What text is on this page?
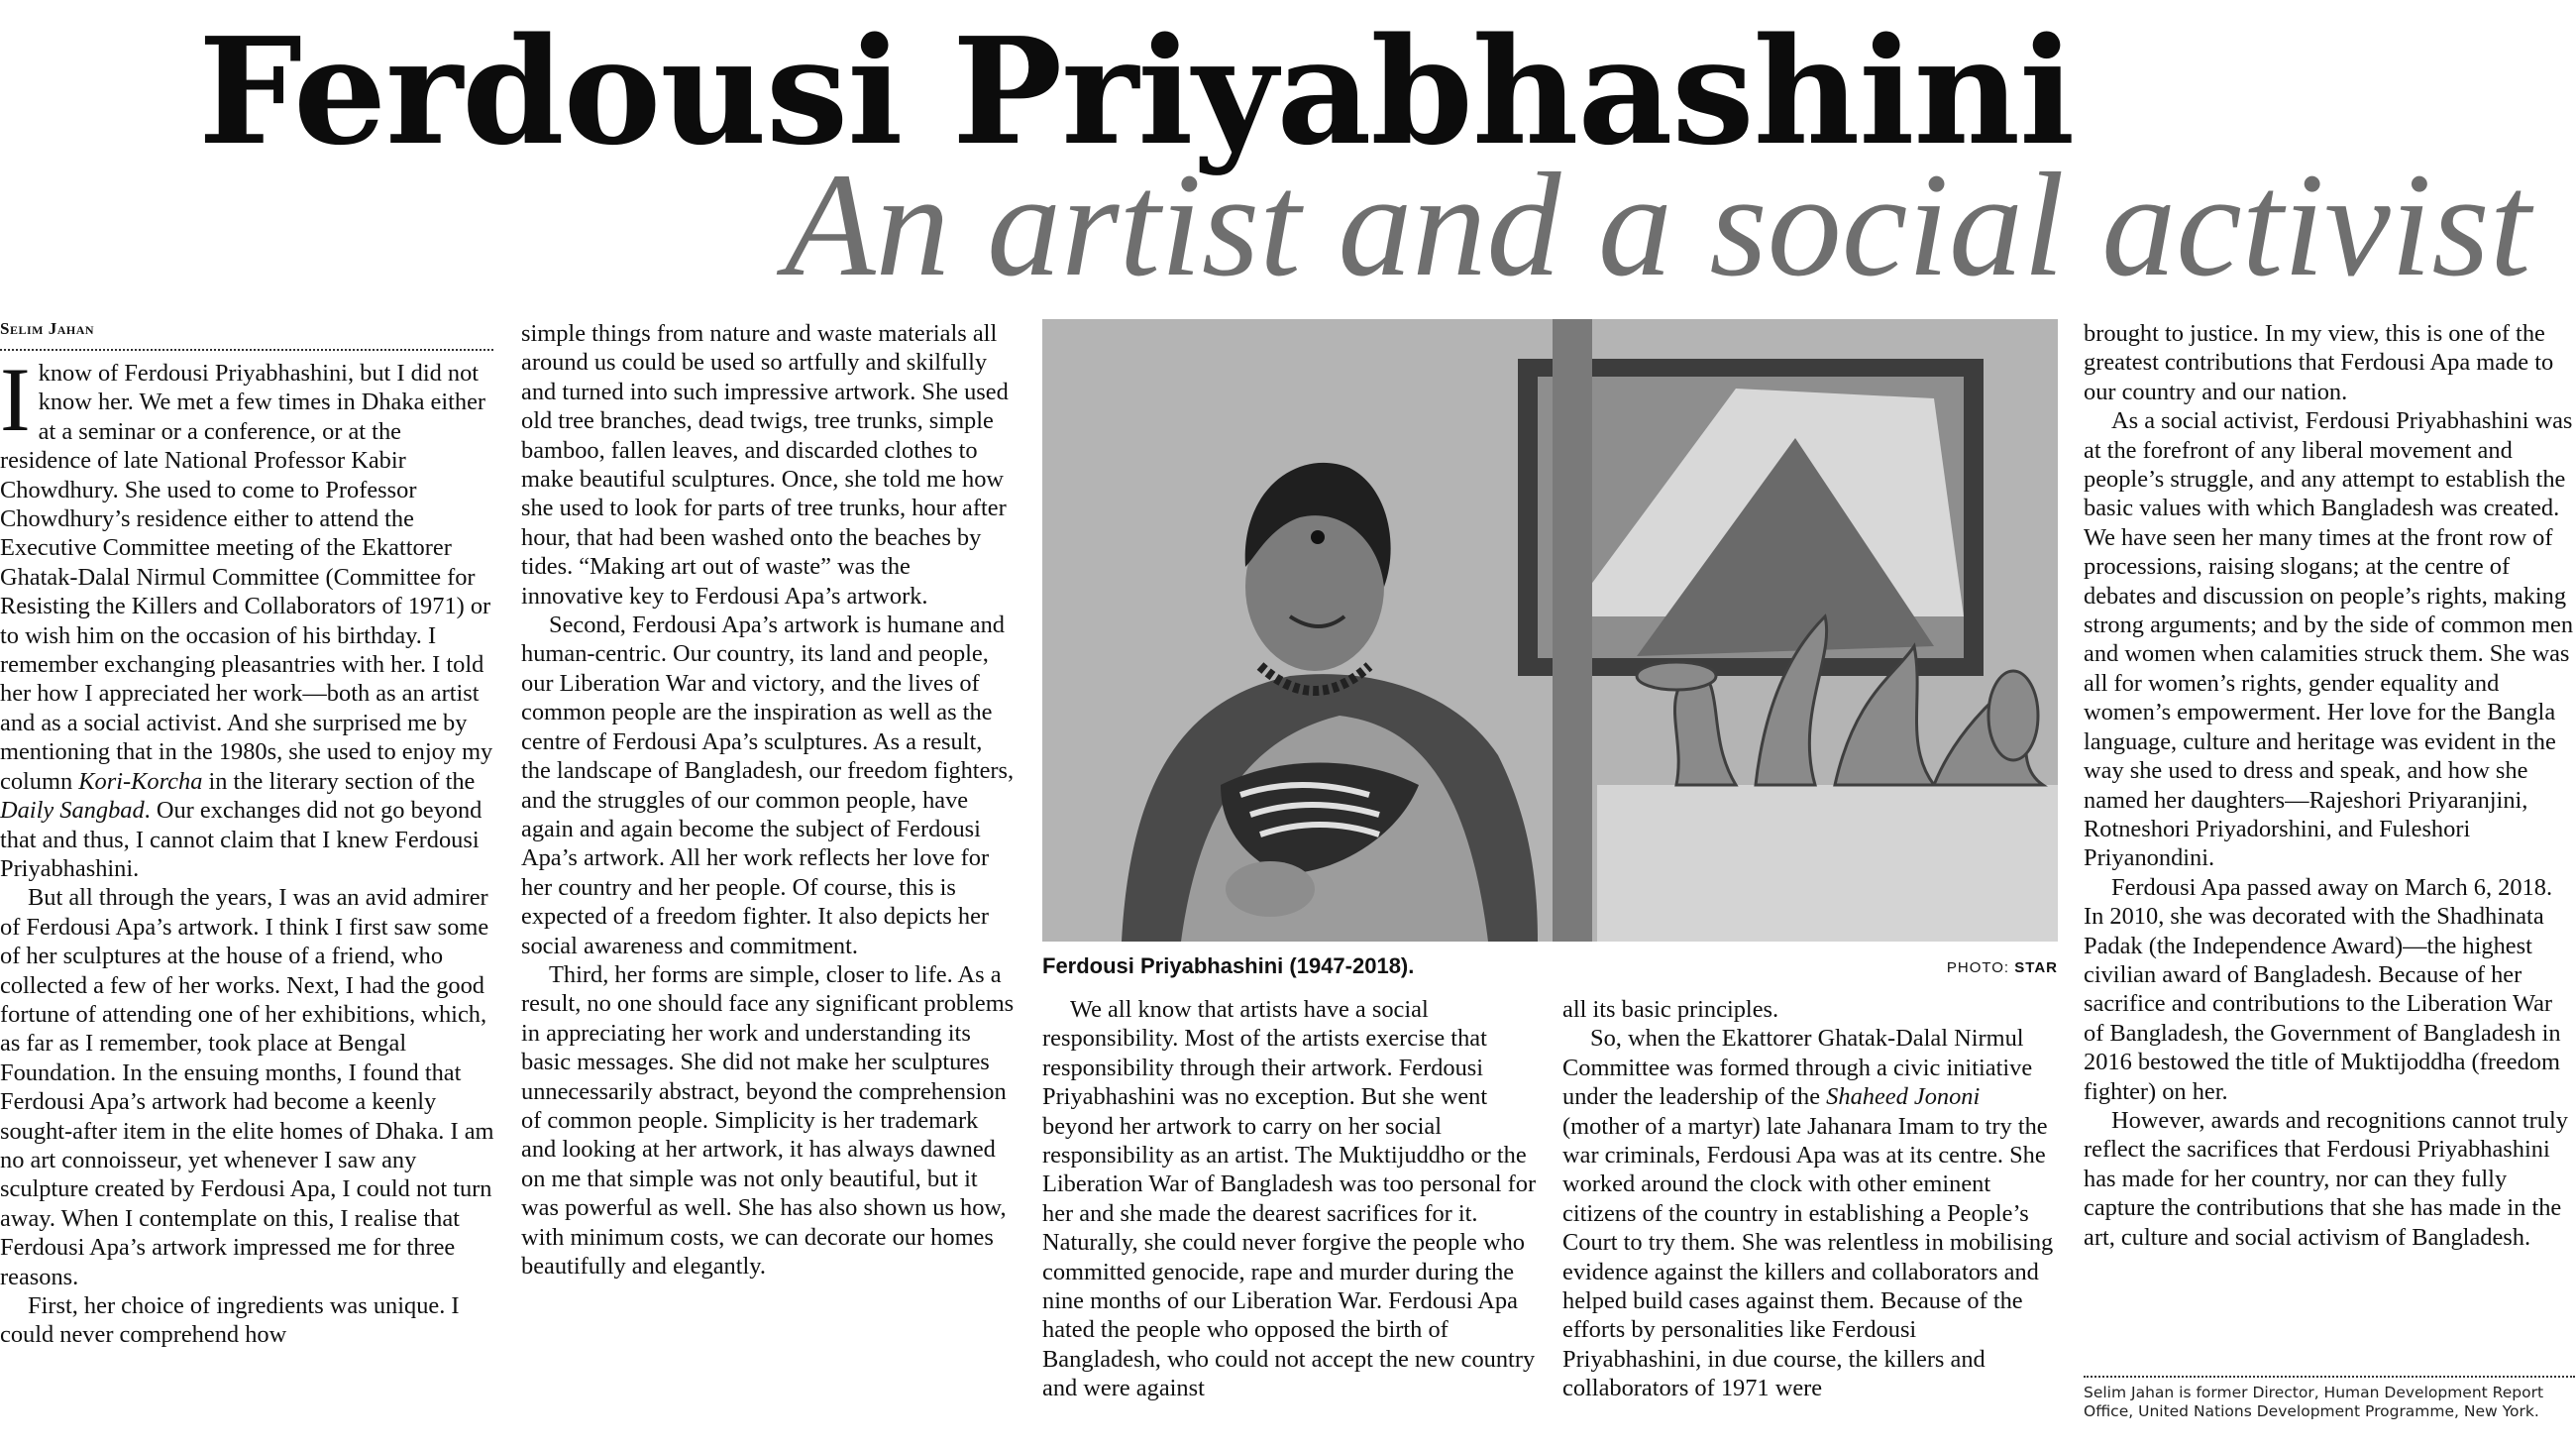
Ferdousi Priyabhashini
An artist and a social activist
Selim Jahan

Iknow of Ferdousi Priyabhashini, but I did not know her. We met a few times in Dhaka either at a seminar or a conference, or at the residence of late National Professor Kabir Chowdhury. She used to come to Professor Chowdhury’s residence either to attend the Executive Committee meeting of the Ekattorer Ghatak-Dalal Nirmul Committee (Committee for Resisting the Killers and Collaborators of 1971) or to wish him on the occasion of his birthday. I remember exchanging pleasantries with her. I told her how I appreciated her work—both as an artist and as a social activist. And she surprised me by mentioning that in the 1980s, she used to enjoy my column Kori-Korcha in the literary section of the Daily Sangbad. Our exchanges did not go beyond that and thus, I cannot claim that I knew Ferdousi Priyabhashini.

But all through the years, I was an avid admirer of Ferdousi Apa’s artwork. I think I first saw some of her sculptures at the house of a friend, who collected a few of her works. Next, I had the good fortune of attending one of her exhibitions, which, as far as I remember, took place at Bengal Foundation. In the ensuing months, I found that Ferdousi Apa’s artwork had become a keenly sought-after item in the elite homes of Dhaka. I am no art connoisseur, yet whenever I saw any sculpture created by Ferdousi Apa, I could not turn away. When I contemplate on this, I realise that Ferdousi Apa’s artwork impressed me for three reasons.

First, her choice of ingredients was unique. I could never comprehend how

simple things from nature and waste materials all around us could be used so artfully and skilfully and turned into such impressive artwork. She used old tree branches, dead twigs, tree trunks, simple bamboo, fallen leaves, and discarded clothes to make beautiful sculptures. Once, she told me how she used to look for parts of tree trunks, hour after hour, that had been washed onto the beaches by tides. “Making art out of waste” was the innovative key to Ferdousi Apa’s artwork.

Second, Ferdousi Apa’s artwork is humane and human-centric. Our country, its land and people, our Liberation War and victory, and the lives of common people are the inspiration as well as the centre of Ferdousi Apa’s sculptures. As a result, the landscape of Bangladesh, our freedom fighters, and the struggles of our common people, have again and again become the subject of Ferdousi Apa’s artwork. All her work reflects her love for her country and her people. Of course, this is expected of a freedom fighter. It also depicts her social awareness and commitment.

Third, her forms are simple, closer to life. As a result, no one should face any significant problems in appreciating her work and understanding its basic messages. She did not make her sculptures unnecessarily abstract, beyond the comprehension of common people. Simplicity is her trademark and looking at her artwork, it has always dawned on me that simple was not only beautiful, but it was powerful as well. She has also shown us how, with minimum costs, we can decorate our homes beautifully and elegantly.

Ferdousi Priyabhashini (1947-2018).	PHOTO: STAR

We all know that artists have a social responsibility. Most of the artists exercise that responsibility through their artwork. Ferdousi Priyabhashini was no exception. But she went beyond her artwork to carry on her social responsibility as an artist. The Muktijuddho or the Liberation War of Bangladesh was too personal for her and she made the dearest sacrifices for it. Naturally, she could never forgive the people who committed genocide, rape and murder during the nine months of our Liberation War. Ferdousi Apa hated the people who opposed the birth of Bangladesh, who could not accept the new country and were against

all its basic principles.

So, when the Ekattorer Ghatak-Dalal Nirmul Committee was formed through a civic initiative under the leadership of the Shaheed Jononi (mother of a martyr) late Jahanara Imam to try the war criminals, Ferdousi Apa was at its centre. She worked around the clock with other eminent citizens of the country in establishing a People’s Court to try them. She was relentless in mobilising evidence against the killers and collaborators and helped build cases against them. Because of the efforts by personalities like Ferdousi Priyabhashini, in due course, the killers and collaborators of 1971 were

brought to justice. In my view, this is one of the greatest contributions that Ferdousi Apa made to our country and our nation.

As a social activist, Ferdousi Priyabhashini was at the forefront of any liberal movement and people’s struggle, and any attempt to establish the basic values with which Bangladesh was created. We have seen her many times at the front row of processions, raising slogans; at the centre of debates and discussion on people’s rights, making strong arguments; and by the side of common men and women when calamities struck them. She was all for women’s rights, gender equality and women’s empowerment. Her love for the Bangla language, culture and heritage was evident in the way she used to dress and speak, and how she named her daughters—Rajeshori Priyaranjini, Rotneshori Priyadorshini, and Fuleshori Priyanondini.

Ferdousi Apa passed away on March 6, 2018. In 2010, she was decorated with the Shadhinata Padak (the Independence Award)—the highest civilian award of Bangladesh. Because of her sacrifice and contributions to the Liberation War of Bangladesh, the Government of Bangladesh in 2016 bestowed the title of Muktijoddha (freedom fighter) on her.

However, awards and recognitions cannot truly reflect the sacrifices that Ferdousi Priyabhashini has made for her country, nor can they fully capture the contributions that she has made in the art, culture and social activism of Bangladesh.

Selim Jahan is former Director, Human Development Report Office, United Nations Development Programme, New York.
